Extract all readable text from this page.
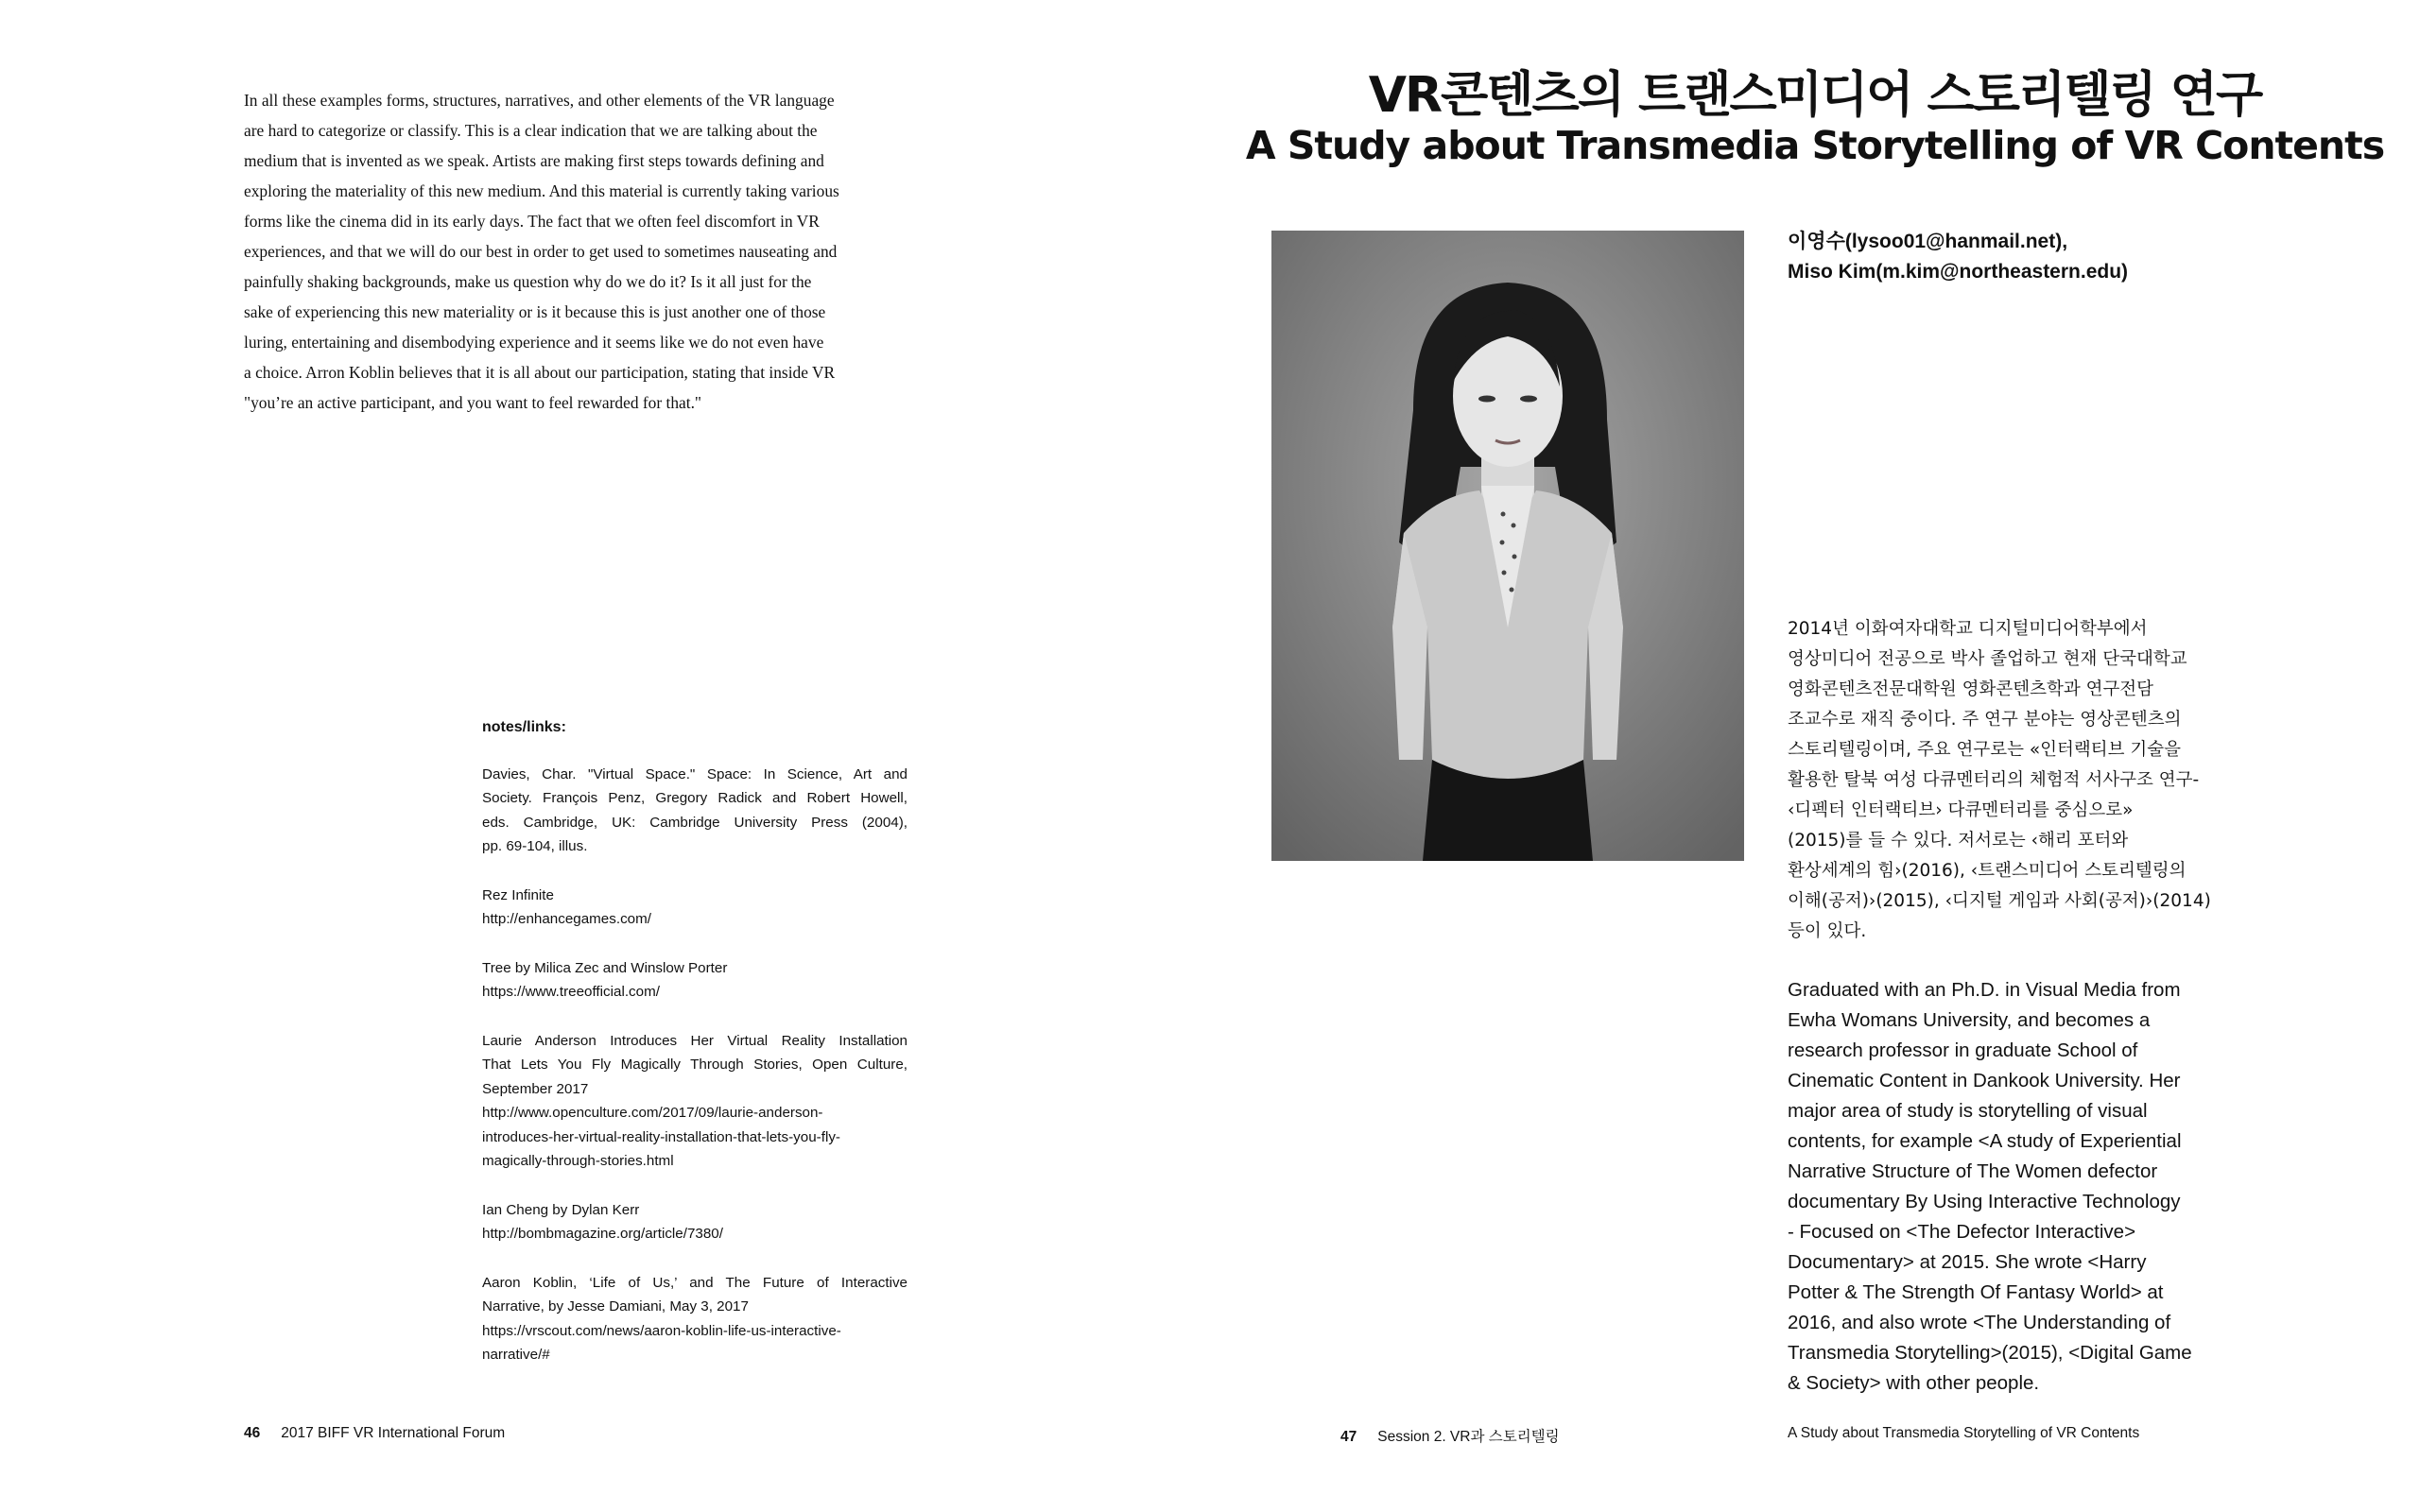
In all these examples forms, structures, narratives, and other elements of the VR language
are hard to categorize or classify. This is a clear indication that we are talking about the
medium that is invented as we speak. Artists are making first steps towards defining and
exploring the materiality of this new medium. And this material is currently taking various
forms like the cinema did in its early days. The fact that we often feel discomfort in VR
experiences, and that we will do our best in order to get used to sometimes nauseating and
painfully shaking backgrounds, make us question why do we do it? Is it all just for the
sake of experiencing this new materiality or is it because this is just another one of those
luring, entertaining and disembodying experience and it seems like we do not even have
a choice. Arron Koblin believes that it is all about our participation, stating that inside VR
"you’re an active participant, and you want to feel rewarded for that."
notes/links:
Davies, Char. "Virtual Space." Space: In Science, Art and
Society. François Penz, Gregory Radick and Robert Howell,
eds. Cambridge, UK: Cambridge University Press (2004),
pp. 69-104, illus.
Rez Infinite
http://enhancegames.com/
Tree by Milica Zec and Winslow Porter
https://www.treeofficial.com/
Laurie Anderson Introduces Her Virtual Reality Installation
That Lets You Fly Magically Through Stories, Open Culture,
September 2017
http://www.openculture.com/2017/09/laurie-anderson-
introduces-her-virtual-reality-installation-that-lets-you-fly-
magically-through-stories.html
Ian Cheng by Dylan Kerr
http://bombmagazine.org/article/7380/
Aaron Koblin, ‘Life of Us,’ and The Future of Interactive
Narrative, by Jesse Damiani, May 3, 2017
https://vrscout.com/news/aaron-koblin-life-us-interactive-
narrative/#
46 2017 BIFF VR International Forum
VR콘텐츠의 트랜스미디어 스토리텔링 연구
A Study about Transmedia Storytelling of VR Contents
이영수(lysoo01@hanmail.net),
Miso Kim(m.kim@northeastern.edu)
2014년 이화여자대학교 디지털미디어학부에서
영상미디어 전공으로 박사 졸업하고 현재 단국대학교
영화콘텐츠전문대학원 영화콘텐츠학과 연구전담
조교수로 재직 중이다. 주 연구 분야는 영상콘텐츠의
스토리텔링이며, 주요 연구로는 «인터랙티브 기술을
활용한 탈북 여성 다큐멘터리의 체험적 서사구조 연구-
‹디펙터 인터랙티브› 다큐멘터리를 중심으로»
(2015)를 들 수 있다. 저서로는 ‹해리 포터와
환상세계의 힘›(2016), ‹트랜스미디어 스토리텔링의
이해(공저)›(2015), ‹디지털 게임과 사회(공저)›(2014)
등이 있다.
Graduated with an Ph.D. in Visual Media from
Ewha Womans University, and becomes a
research professor in graduate School of
Cinematic Content in Dankook University. Her
major area of study is storytelling of visual
contents, for example <A study of Experiential
Narrative Structure of The Women defector
documentary By Using Interactive Technology
- Focused on <The Defector Interactive>
Documentary> at 2015. She wrote <Harry
Potter & The Strength Of Fantasy World> at
2016, and also wrote <The Understanding of
Transmedia Storytelling>(2015), <Digital Game
& Society> with other people.
47 Session 2. VR과 스토리텔링	A Study about Transmedia Storytelling of VR Contents
